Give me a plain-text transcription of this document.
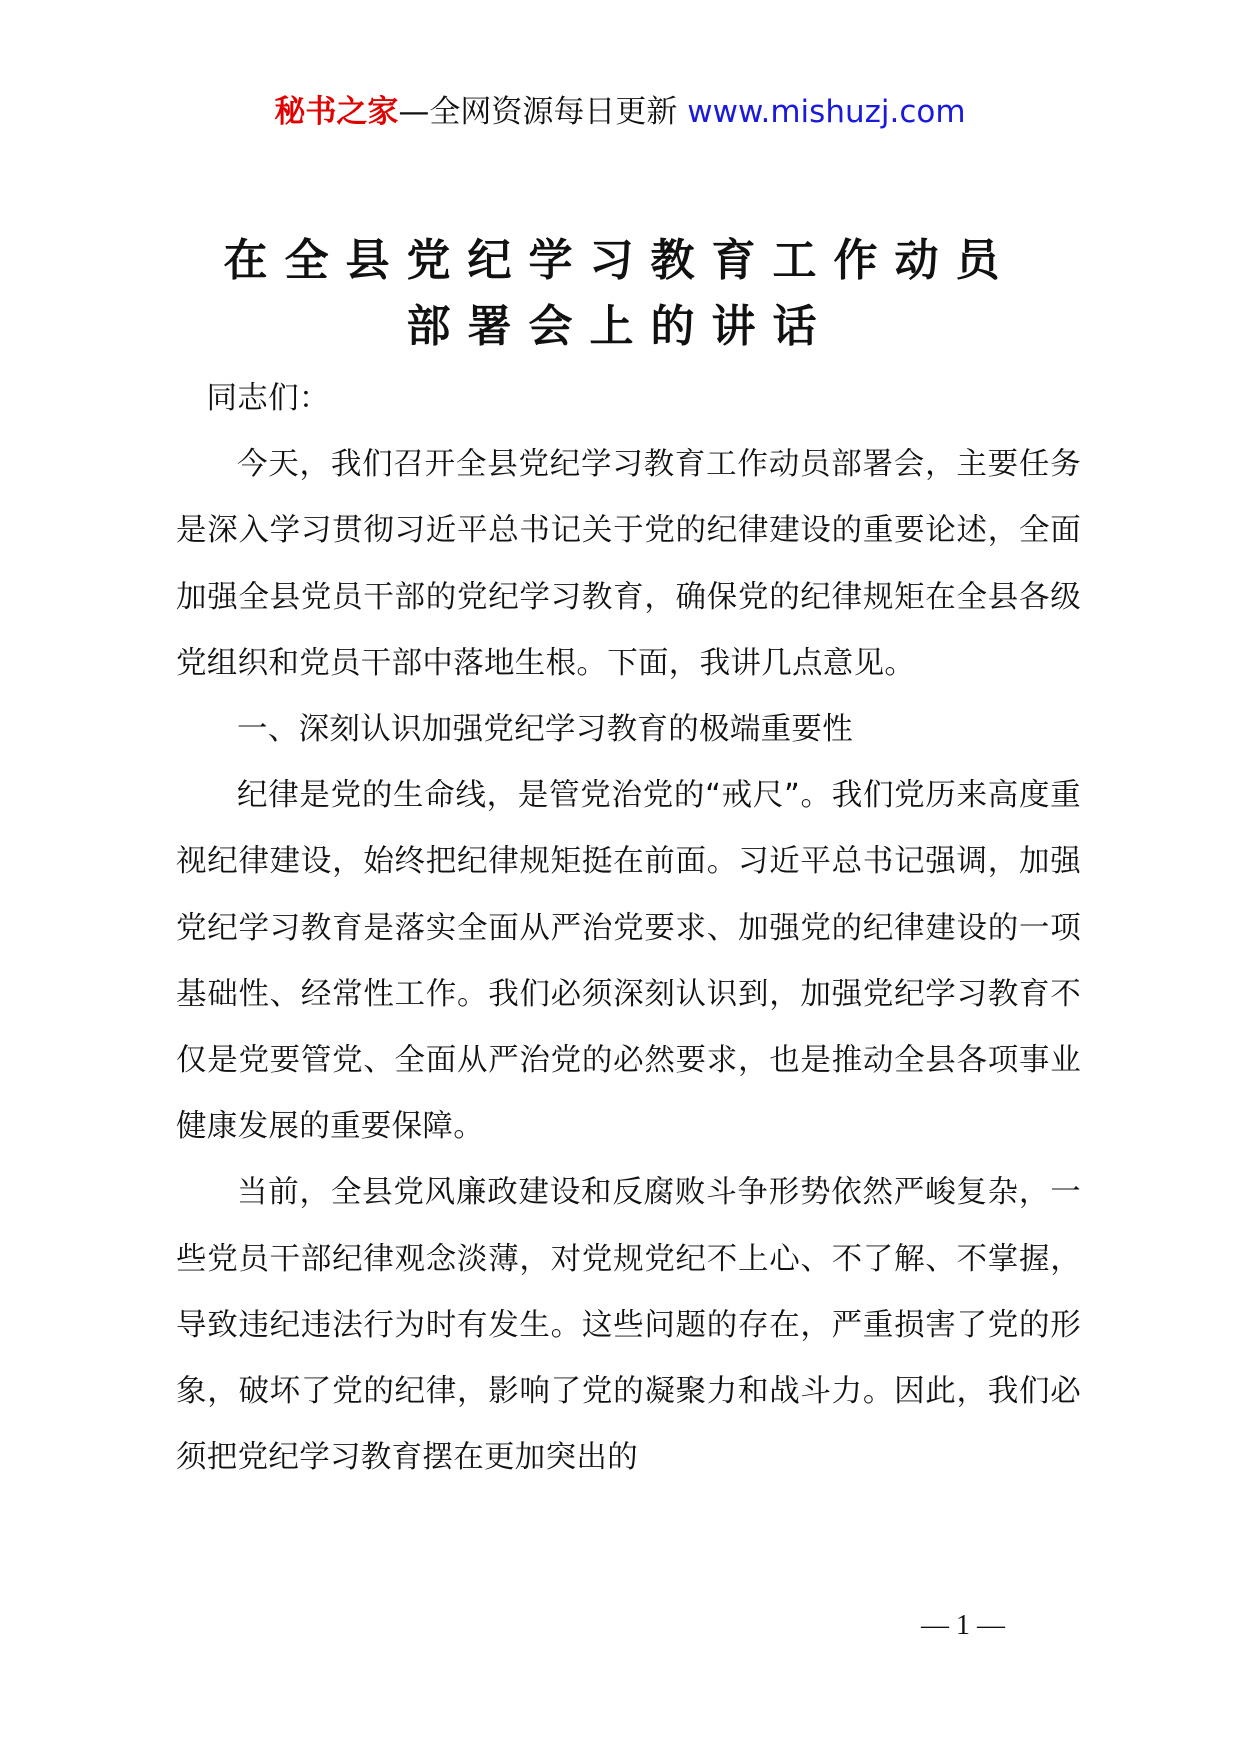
秘书之家—全网资源每日更新 www.mishuzj.com
在全县党纪学习教育工作动员
部署会上的讲话

同志们：

今天，我们召开全县党纪学习教育工作动员部署会，主要任务是深入学习贯彻习近平总书记关于党的纪律建设的重要论述，全面加强全县党员干部的党纪学习教育，确保党的纪律规矩在全县各级党组织和党员干部中落地生根。下面，我讲几点意见。

一、深刻认识加强党纪学习教育的极端重要性

纪律是党的生命线，是管党治党的“戒尺”。我们党历来高度重视纪律建设，始终把纪律规矩挺在前面。习近平总书记强调，加强党纪学习教育是落实全面从严治党要求、加强党的纪律建设的一项基础性、经常性工作。我们必须深刻认识到，加强党纪学习教育不仅是党要管党、全面从严治党的必然要求，也是推动全县各项事业健康发展的重要保障。

当前，全县党风廉政建设和反腐败斗争形势依然严峻复杂，一些党员干部纪律观念淡薄，对党规党纪不上心、不了解、不掌握，导致违纪违法行为时有发生。这些问题的存在，严重损害了党的形象，破坏了党的纪律，影响了党的凝聚力和战斗力。因此，我们必须把党纪学习教育摆在更加突出的

— 1 —
